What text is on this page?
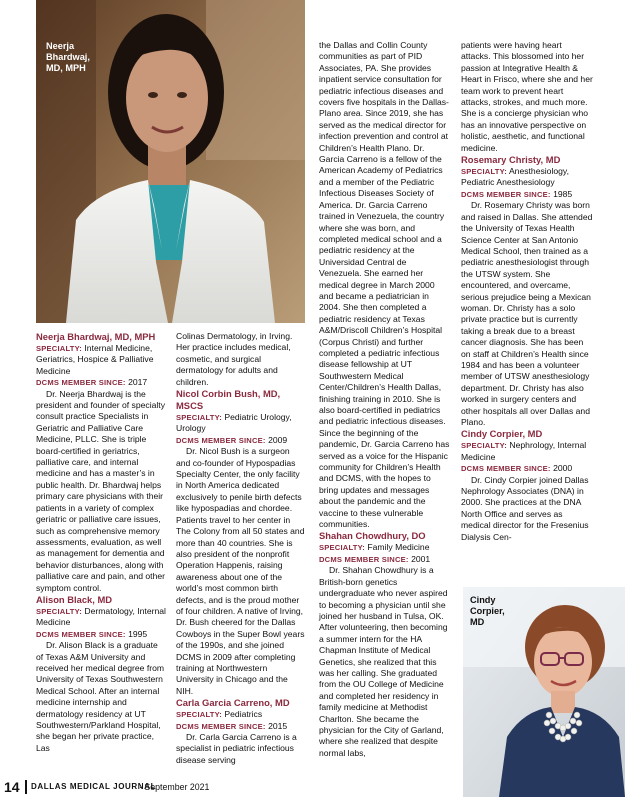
Neerja
Bhardwaj,
MD, MPH

Neerja Bhardwaj, MD, MPH

SPECIALTY: Internal Medicine, Geriatrics, Hospice & Palliative Medicine

DCMS MEMBER SINCE: 2017

Dr. Neerja Bhardwaj is the president and founder of specialty consult practice Specialists in Geriatric and Palliative Care Medicine, PLLC. She is triple board-certified in geriatrics, palliative care, and internal medicine and has a master’s in public health. Dr. Bhardwaj helps primary care physicians with their patients in a variety of complex geriatric or palliative care issues, such as comprehensive memory assessments, evaluation, as well as management for dementia and behavior disturbances, along with palliative care and pain, and other symptom control.

Alison Black, MD

SPECIALTY: Dermatology, Internal Medicine

DCMS MEMBER SINCE: 1995

Dr. Alison Black is a graduate of Texas A&M University and received her medical degree from University of Texas Southwestern Medical School. After an internal medicine internship and dermatology residency at UT Southwestern/Parkland Hospital, she began her private practice, Las

Colinas Dermatology, in Irving. Her practice includes medical, cosmetic, and surgical dermatology for adults and children.

Nicol Corbin Bush, MD, MSCS

SPECIALTY: Pediatric Urology, Urology

DCMS MEMBER SINCE: 2009

Dr. Nicol Bush is a surgeon and co-founder of Hypospadias Specialty Center, the only facility in North America dedicated exclusively to penile birth defects like hypospadias and chordee. Patients travel to her center in The Colony from all 50 states and more than 40 countries. She is also president of the nonprofit Operation Happenis, raising awareness about one of the world’s most common birth defects, and is the proud mother of four children. A native of Irving, Dr. Bush cheered for the Dallas Cowboys in the Super Bowl years of the 1990s, and she joined DCMS in 2009 after completing training at Northwestern University in Chicago and the NIH.

Carla Garcia Carreno, MD

SPECIALTY: Pediatrics

DCMS MEMBER SINCE: 2015

Dr. Carla Garcia Carreno is a specialist in pediatric infectious disease serving

the Dallas and Collin County communities as part of PID Associates, PA. She provides inpatient service consultation for pediatric infectious diseases and covers five hospitals in the Dallas-Plano area. Since 2019, she has served as the medical director for infection prevention and control at Children’s Health Plano. Dr. Garcia Carreno is a fellow of the American Academy of Pediatrics and a member of the Pediatric Infectious Diseases Society of America. Dr. Garcia Carreno trained in Venezuela, the country where she was born, and completed medical school and a pediatric residency at the Universidad Central de Venezuela. She earned her medical degree in March 2000 and became a pediatrician in 2004. She then completed a pediatric residency at Texas A&M/Driscoll Children’s Hospital (Corpus Christi) and further completed a pediatric infectious disease fellowship at UT Southwestern Medical Center/Children’s Health Dallas, finishing training in 2010. She is also board-certified in pediatrics and pediatric infectious diseases. Since the beginning of the pandemic, Dr. Garcia Carreno has served as a voice for the Hispanic community for Children’s Health and DCMS, with the hopes to bring updates and messages about the pandemic and the vaccine to these vulnerable communities.

Shahan Chowdhury, DO

SPECIALTY: Family Medicine

DCMS MEMBER SINCE: 2001

Dr. Shahan Chowdhury is a British-born genetics undergraduate who never aspired to becoming a physician until she joined her husband in Tulsa, OK. After volunteering, then becoming a summer intern for the HA Chapman Institute of Medical Genetics, she realized that this was her calling. She graduated from the OU College of Medicine and completed her residency in family medicine at Methodist Charlton. She became the physician for the City of Garland, where she realized that despite normal labs,

patients were having heart attacks. This blossomed into her passion at Integrative Health & Heart in Frisco, where she and her team work to prevent heart attacks, strokes, and much more. She is a concierge physician who has an innovative perspective on holistic, aesthetic, and functional medicine.

Rosemary Christy, MD

SPECIALTY: Anesthesiology, Pediatric Anesthesiology

DCMS MEMBER SINCE: 1985

Dr. Rosemary Christy was born and raised in Dallas. She attended the University of Texas Health Science Center at San Antonio Medical School, then trained as a pediatric anesthesiologist through the UTSW system. She encountered, and overcame, serious prejudice being a Mexican woman. Dr. Christy has a solo private practice but is currently taking a break due to a breast cancer diagnosis. She has been on staff at Children’s Health since 1984 and has been a volunteer member of UTSW anesthesiology department. Dr. Christy has also worked in surgery centers and other hospitals all over Dallas and Plano.

Cindy Corpier, MD

SPECIALTY: Nephrology, Internal Medicine

DCMS MEMBER SINCE: 2000

Dr. Cindy Corpier joined Dallas Nephrology Associates (DNA) in 2000. She practices at the DNA North Office and serves as medical director for the Fresenius Dialysis Cen-

Cindy
Corpier,
MD
14 DALLAS MEDICAL JOURNAL
· September 2021
